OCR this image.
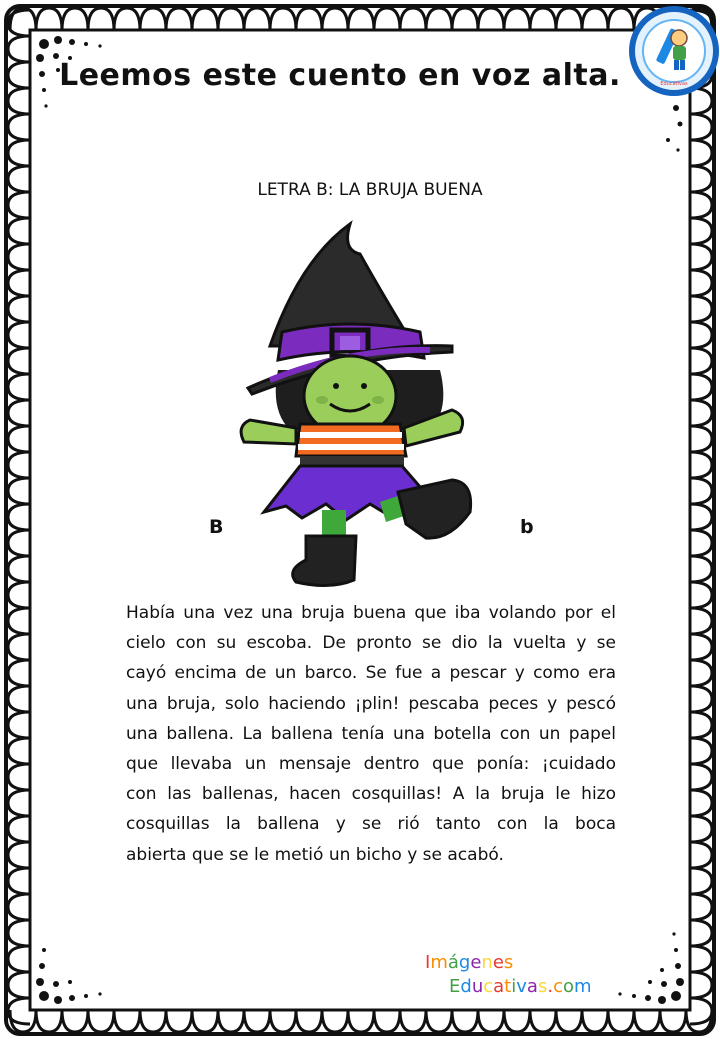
Educativas
Leemos este cuento en voz alta.
LETRA B: LA BRUJA BUENA
B	b
Había una vez una bruja buena que iba volando por el
cielo con su escoba. De pronto se dio la vuelta y se
cayó encima de un barco. Se fue a pescar y como era
una bruja, solo haciendo ¡plin! pescaba peces y pescó
una ballena. La ballena tenía una botella con un papel
que llevaba un mensaje dentro que ponía: ¡cuidado
con las ballenas, hacen cosquillas! A la bruja le hizo
cosquillas la ballena y se rió tanto con la boca
abierta que se le metió un bicho y se acabó.
Imágenes
Educativas.com
